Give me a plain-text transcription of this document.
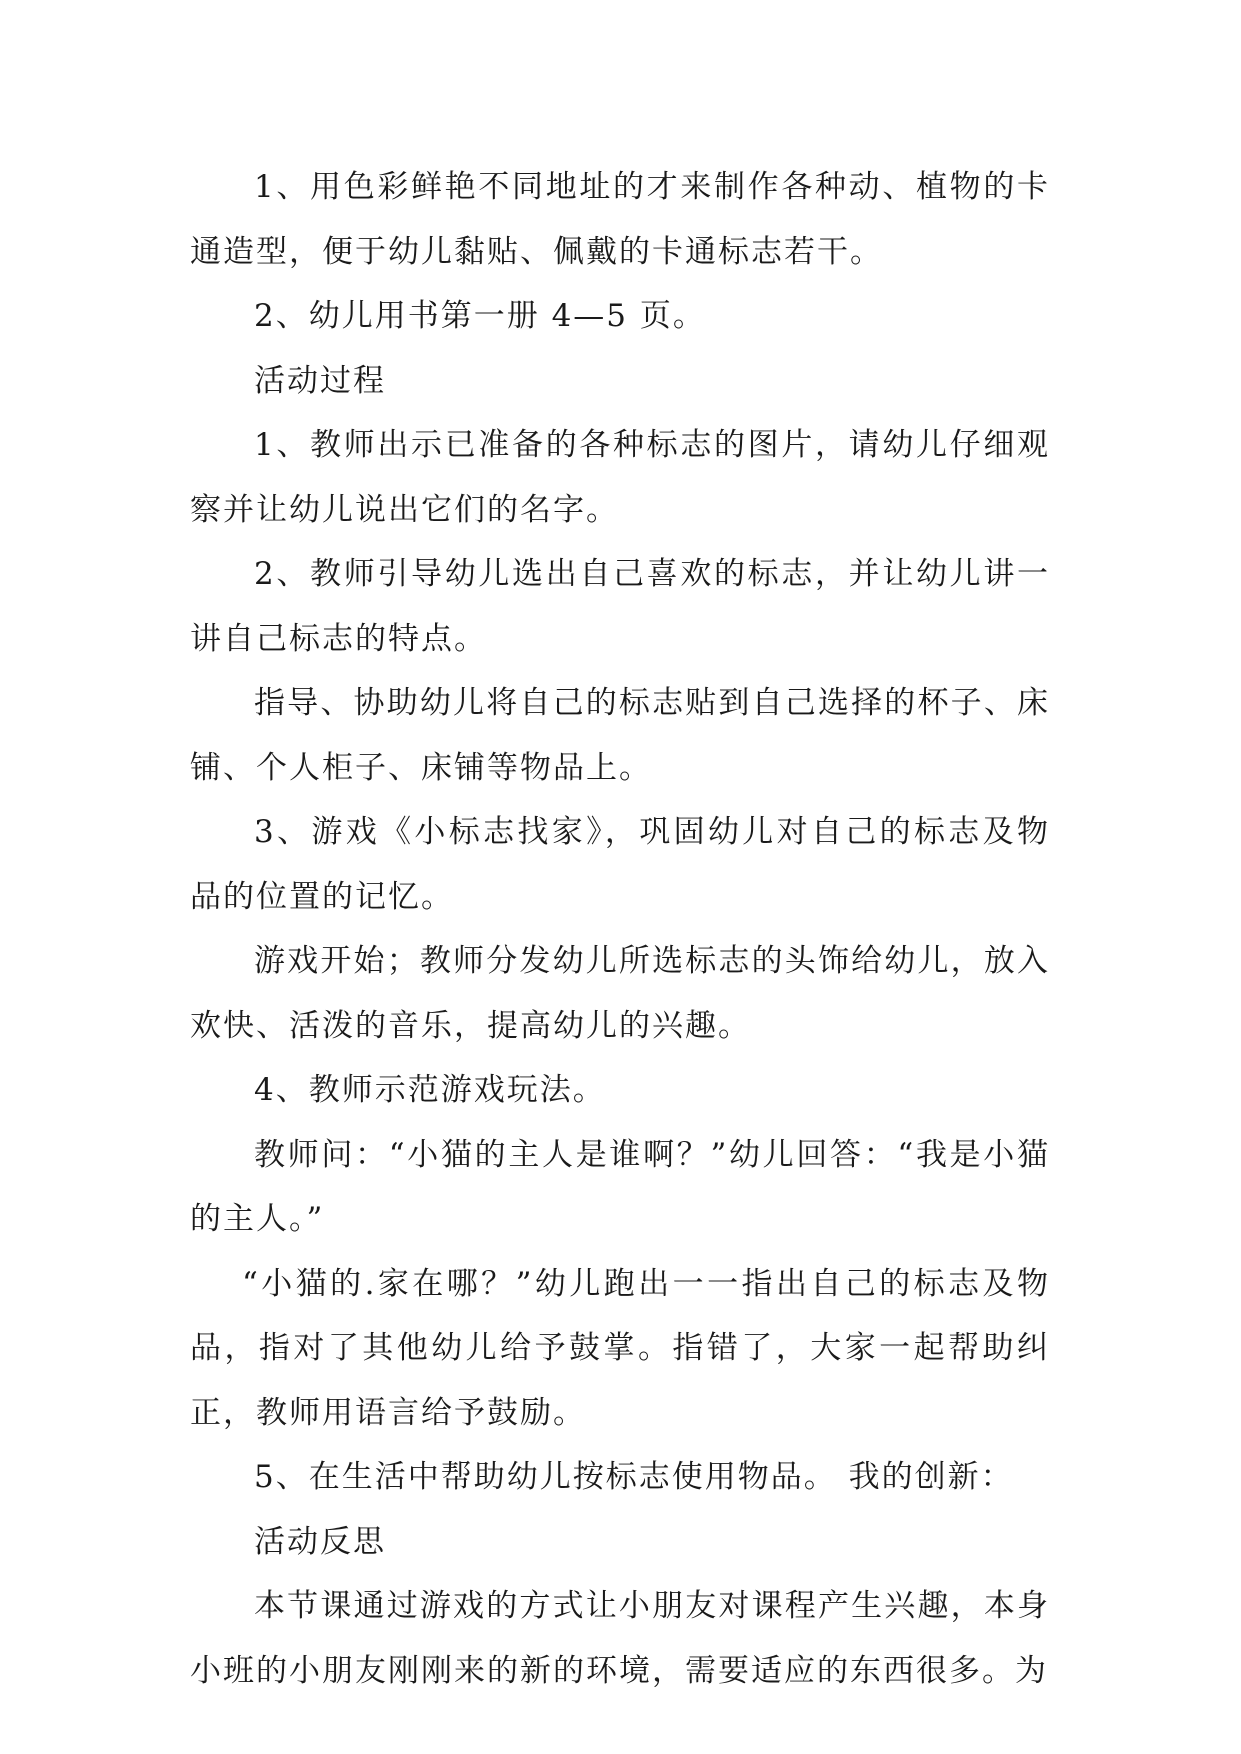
1、用色彩鲜艳不同地址的才来制作各种动、植物的卡通造型，便于幼儿黏贴、佩戴的卡通标志若干。

2、幼儿用书第一册 4—5 页。

活动过程

1、教师出示已准备的各种标志的图片，请幼儿仔细观察并让幼儿说出它们的名字。

2、教师引导幼儿选出自己喜欢的标志，并让幼儿讲一讲自己标志的特点。

指导、协助幼儿将自己的标志贴到自己选择的杯子、床铺、个人柜子、床铺等物品上。

3、游戏《小标志找家》，巩固幼儿对自己的标志及物品的位置的记忆。

游戏开始；教师分发幼儿所选标志的头饰给幼儿，放入欢快、活泼的音乐，提高幼儿的兴趣。

4、教师示范游戏玩法。

教师问：“小猫的主人是谁啊？”幼儿回答：“我是小猫的主人。”

“小猫的.家在哪？”幼儿跑出一一指出自己的标志及物品，指对了其他幼儿给予鼓掌。指错了，大家一起帮助纠正，教师用语言给予鼓励。

5、在生活中帮助幼儿按标志使用物品。 我的创新：

活动反思

本节课通过游戏的方式让小朋友对课程产生兴趣，本身小班的小朋友刚刚来的新的环境，需要适应的东西很多。为
